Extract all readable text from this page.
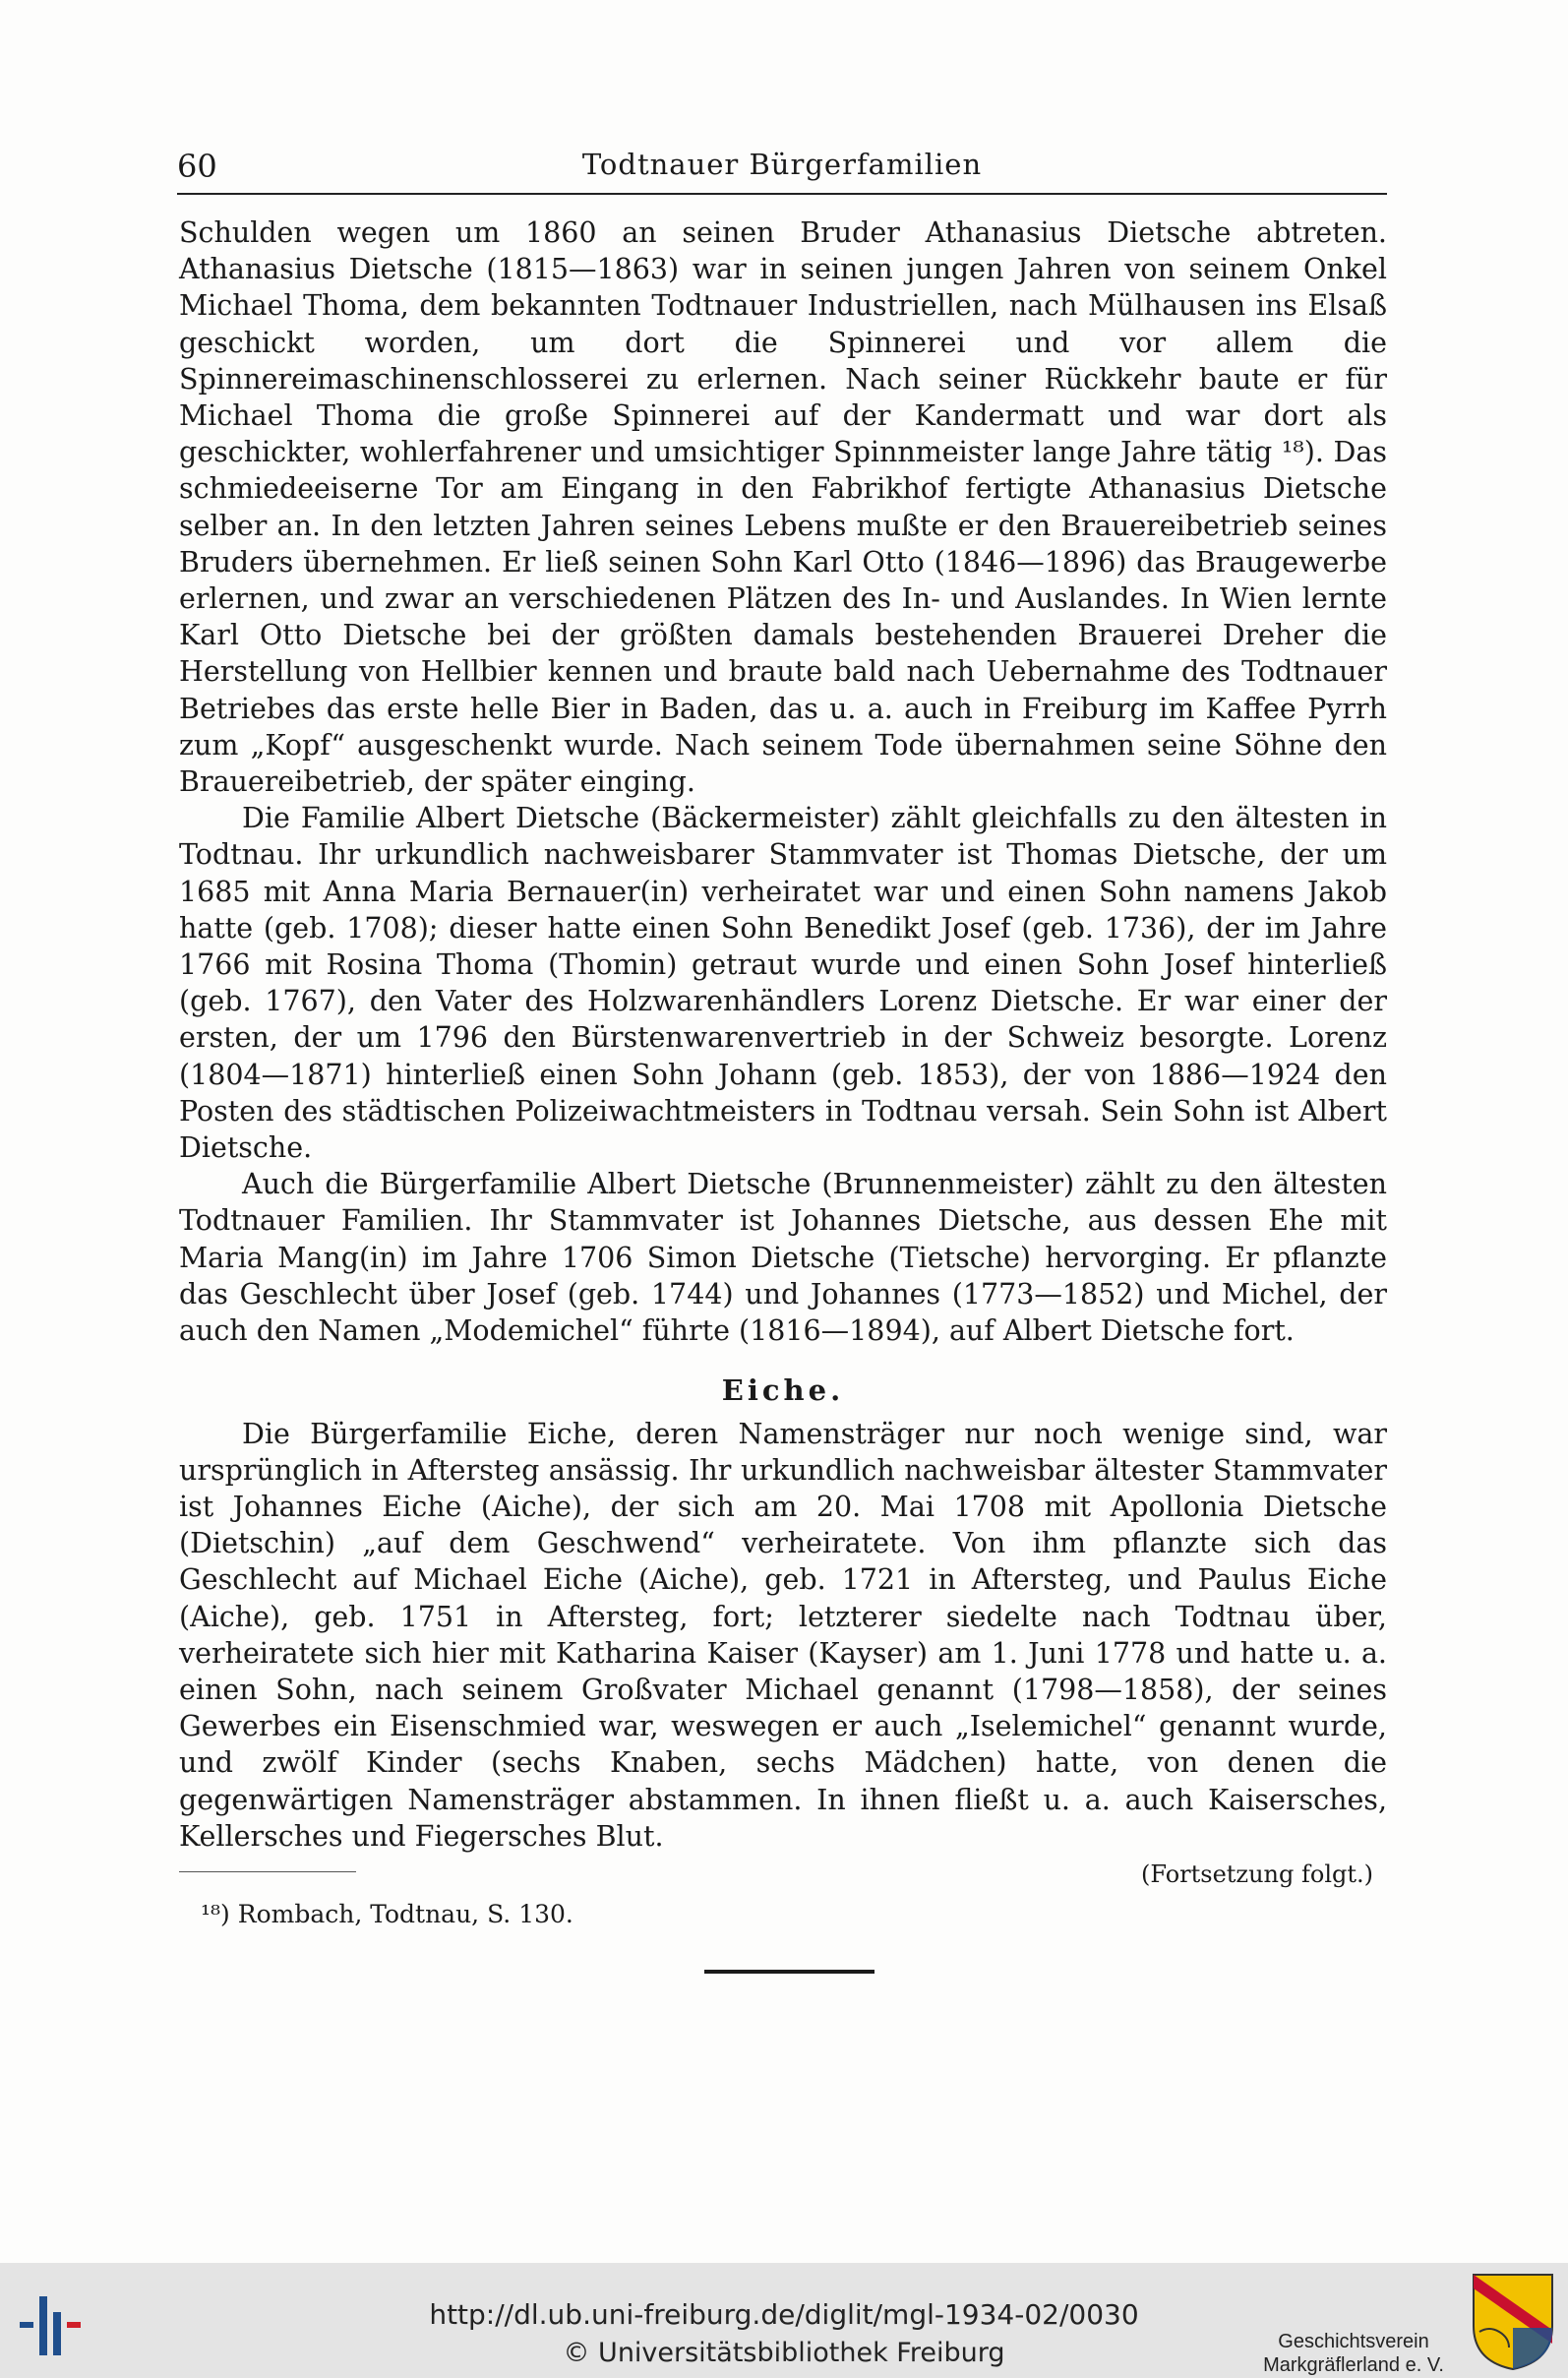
60	Todtnauer Bürgerfamilien

Schulden wegen um 1860 an seinen Bruder Athanasius Dietsche abtreten. Athanasius Dietsche (1815—1863) war in seinen jungen Jahren von seinem Onkel Michael Thoma, dem bekannten Todtnauer Industriellen, nach Mülhausen ins Elsaß geschickt worden, um dort die Spinnerei und vor allem die Spinnereimaschinenschlosserei zu erlernen. Nach seiner Rückkehr baute er für Michael Thoma die große Spinnerei auf der Kandermatt und war dort als geschickter, wohlerfahrener und umsichtiger Spinnmeister lange Jahre tätig ¹⁸). Das schmiedeeiserne Tor am Eingang in den Fabrikhof fertigte Athanasius Dietsche selber an. In den letzten Jahren seines Lebens mußte er den Brauereibetrieb seines Bruders übernehmen. Er ließ seinen Sohn Karl Otto (1846—1896) das Braugewerbe erlernen, und zwar an verschiedenen Plätzen des In- und Auslandes. In Wien lernte Karl Otto Dietsche bei der größten damals bestehenden Brauerei Dreher die Herstellung von Hellbier kennen und braute bald nach Uebernahme des Todtnauer Betriebes das erste helle Bier in Baden, das u. a. auch in Freiburg im Kaffee Pyrrh zum „Kopf“ ausgeschenkt wurde. Nach seinem Tode übernahmen seine Söhne den Brauereibetrieb, der später einging.

Die Familie Albert Dietsche (Bäckermeister) zählt gleichfalls zu den ältesten in Todtnau. Ihr urkundlich nachweisbarer Stammvater ist Thomas Dietsche, der um 1685 mit Anna Maria Bernauer(in) verheiratet war und einen Sohn namens Jakob hatte (geb. 1708); dieser hatte einen Sohn Benedikt Josef (geb. 1736), der im Jahre 1766 mit Rosina Thoma (Thomin) getraut wurde und einen Sohn Josef hinterließ (geb. 1767), den Vater des Holzwarenhändlers Lorenz Dietsche. Er war einer der ersten, der um 1796 den Bürstenwarenvertrieb in der Schweiz besorgte. Lorenz (1804—1871) hinterließ einen Sohn Johann (geb. 1853), der von 1886—1924 den Posten des städtischen Polizeiwachtmeisters in Todtnau versah. Sein Sohn ist Albert Dietsche.

Auch die Bürgerfamilie Albert Dietsche (Brunnenmeister) zählt zu den ältesten Todtnauer Familien. Ihr Stammvater ist Johannes Dietsche, aus dessen Ehe mit Maria Mang(in) im Jahre 1706 Simon Dietsche (Tietsche) hervorging. Er pflanzte das Geschlecht über Josef (geb. 1744) und Johannes (1773—1852) und Michel, der auch den Namen „Modemichel“ führte (1816—1894), auf Albert Dietsche fort.

Eiche.

Die Bürgerfamilie Eiche, deren Namensträger nur noch wenige sind, war ursprünglich in Aftersteg ansässig. Ihr urkundlich nachweisbar ältester Stammvater ist Johannes Eiche (Aiche), der sich am 20. Mai 1708 mit Apollonia Dietsche (Dietschin) „auf dem Geschwend“ verheiratete. Von ihm pflanzte sich das Geschlecht auf Michael Eiche (Aiche), geb. 1721 in Aftersteg, und Paulus Eiche (Aiche), geb. 1751 in Aftersteg, fort; letzterer siedelte nach Todtnau über, verheiratete sich hier mit Katharina Kaiser (Kayser) am 1. Juni 1778 und hatte u. a. einen Sohn, nach seinem Großvater Michael genannt (1798—1858), der seines Gewerbes ein Eisenschmied war, weswegen er auch „Iselemichel“ genannt wurde, und zwölf Kinder (sechs Knaben, sechs Mädchen) hatte, von denen die gegenwärtigen Namensträger abstammen. In ihnen fließt u. a. auch Kaisersches, Kellersches und Fiegersches Blut.

(Fortsetzung folgt.)
¹⁸) Rombach, Todtnau, S. 130.
http://dl.ub.uni-freiburg.de/diglit/mgl-1934-02/0030
© Universitätsbibliothek Freiburg	Geschichtsverein
Markgräflerland e. V.
